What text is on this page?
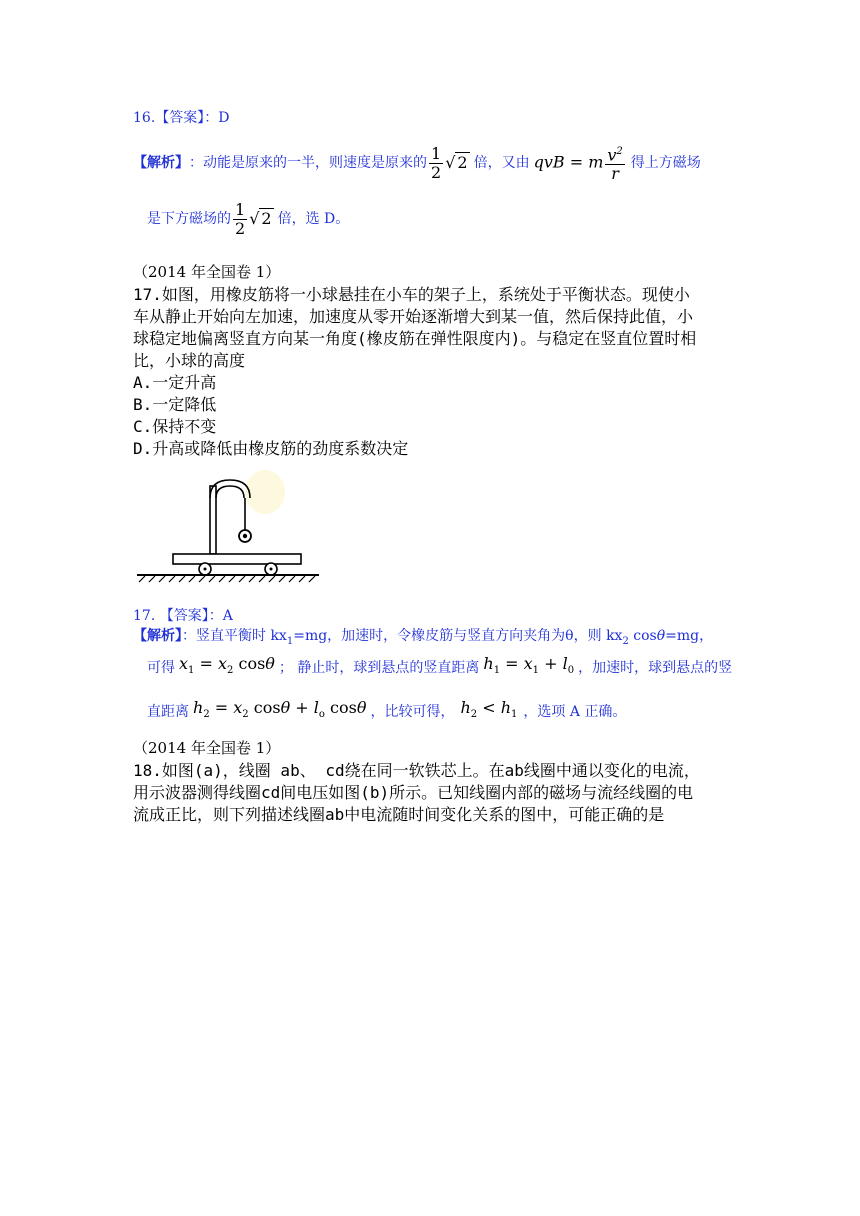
16.【答案】：D
【解析】 ：动能是原来的一半，则速度是原来的 $\frac{1}{2}$ √ 2 倍，又由 qvB = m $\frac{v^2}{r}$ 得上方磁场
是下方磁场的 $\frac{1}{2}$ √ 2 倍，选 D。
（2014 年全国卷 1）
17.如图，用橡皮筋将一小球悬挂在小车的架子上，系统处于平衡状态。现使小
车从静止开始向左加速，加速度从零开始逐渐增大到某一值，然后保持此值，小
球稳定地偏离竖直方向某一角度(橡皮筋在弹性限度内)。与稳定在竖直位置时相
比，小球的高度
A.一定升高
B.一定降低
C.保持不变
D.升高或降低由橡皮筋的劲度系数决定
17. 【答案】：A
【解析】：竖直平衡时 $kx_1=mg$，加速时，令橡皮筋与竖直方向夹角为θ，则 $kx_2$ cosθ=mg，
可得 $x_1 = x_2$ cosθ ； 静止时，球到悬点的竖直距离 $h_1 = x_1 + l_0$ ，加速时，球到悬点的竖
直距离 $h_2 = x_2$ $\cos\theta + l_o$ cosθ ，比较可得， $h_2 < h_1$ ，选项 A 正确。
（2014 年全国卷 1）
18.如图(a)，线圈 ab、 cd绕在同一软铁芯上。在ab线圈中通以变化的电流，
用示波器测得线圈cd间电压如图(b)所示。已知线圈内部的磁场与流经线圈的电
流成正比，则下列描述线圈ab中电流随时间变化关系的图中，可能正确的是
